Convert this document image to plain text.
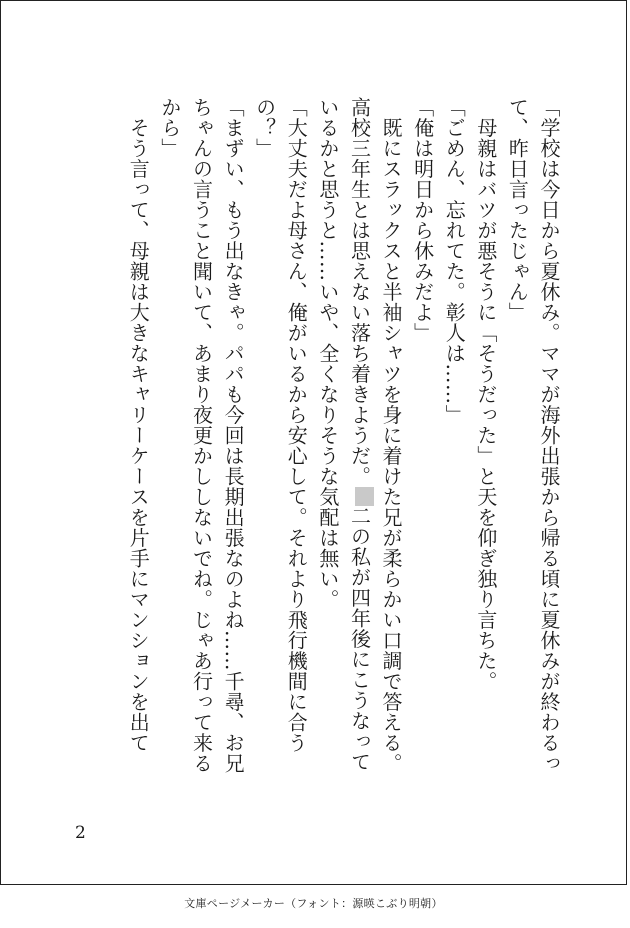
「学校は今日から夏休み。ママが海外出張から帰る頃に夏休みが終わるっ
て、昨日言ったじゃん」
　母親はバツが悪そうに「そうだった」と天を仰ぎ独り言ちた。
「ごめん、忘れてた。彰人は……」
「俺は明日から休みだよ」
　既にスラックスと半袖シャツを身に着けた兄が柔らかい口調で答える。
高校三年生とは思えない落ち着きようだ。二の私が四年後にこうなって
いるかと思うと……いや、全くなりそうな気配は無い。
「大丈夫だよ母さん、俺がいるから安心して。それより飛行機間に合う
の？」
「まずい、もう出なきゃ。パパも今回は長期出張なのよね……千尋、お兄
ちゃんの言うこと聞いて、あまり夜更かししないでね。じゃあ行って来る
から」
　そう言って、母親は大きなキャリーケースを片手にマンションを出て
2
文庫ページメーカー（フォント：源暎こぶり明朝）
